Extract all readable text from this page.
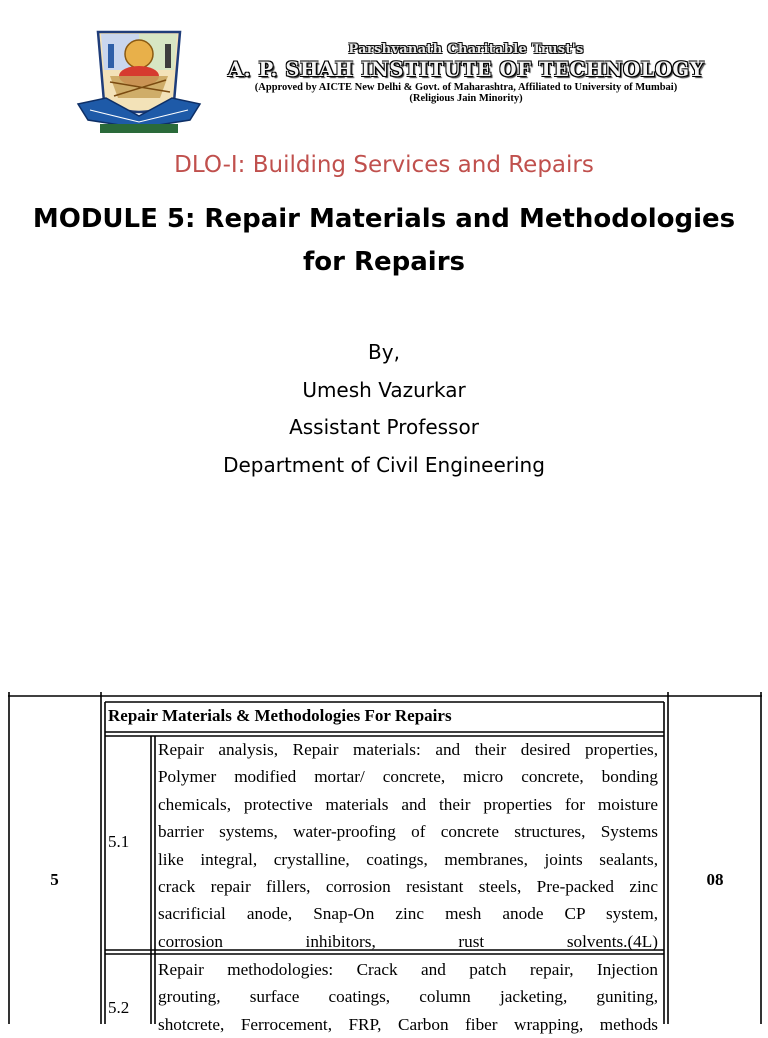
Parshvanath Charitable Trust's
A. P. SHAH INSTITUTE OF TECHNOLOGY
(Approved by AICTE New Delhi & Govt. of Maharashtra, Affiliated to University of Mumbai)
(Religious Jain Minority)
DLO-I: Building Services and Repairs
MODULE 5: Repair Materials and Methodologies
for Repairs
By,
Umesh Vazurkar
Assistant Professor
Department of Civil Engineering
5	08
Repair Materials & Methodologies For Repairs
5.1
Repair analysis, Repair materials: and their desired properties,
Polymer modified mortar/ concrete, micro concrete, bonding
chemicals, protective materials and their properties for moisture
barrier systems, water-proofing of concrete structures, Systems
like integral, crystalline, coatings, membranes, joints sealants,
crack repair fillers, corrosion resistant steels, Pre-packed zinc
sacrificial anode, Snap-On zinc mesh anode CP system,
corrosion inhibitors, rust solvents.(4L)
5.2
Repair methodologies: Crack and patch repair, Injection
grouting, surface coatings, column jacketing, guniting,
shotcrete, Ferrocement, FRP, Carbon fiber wrapping, methods
